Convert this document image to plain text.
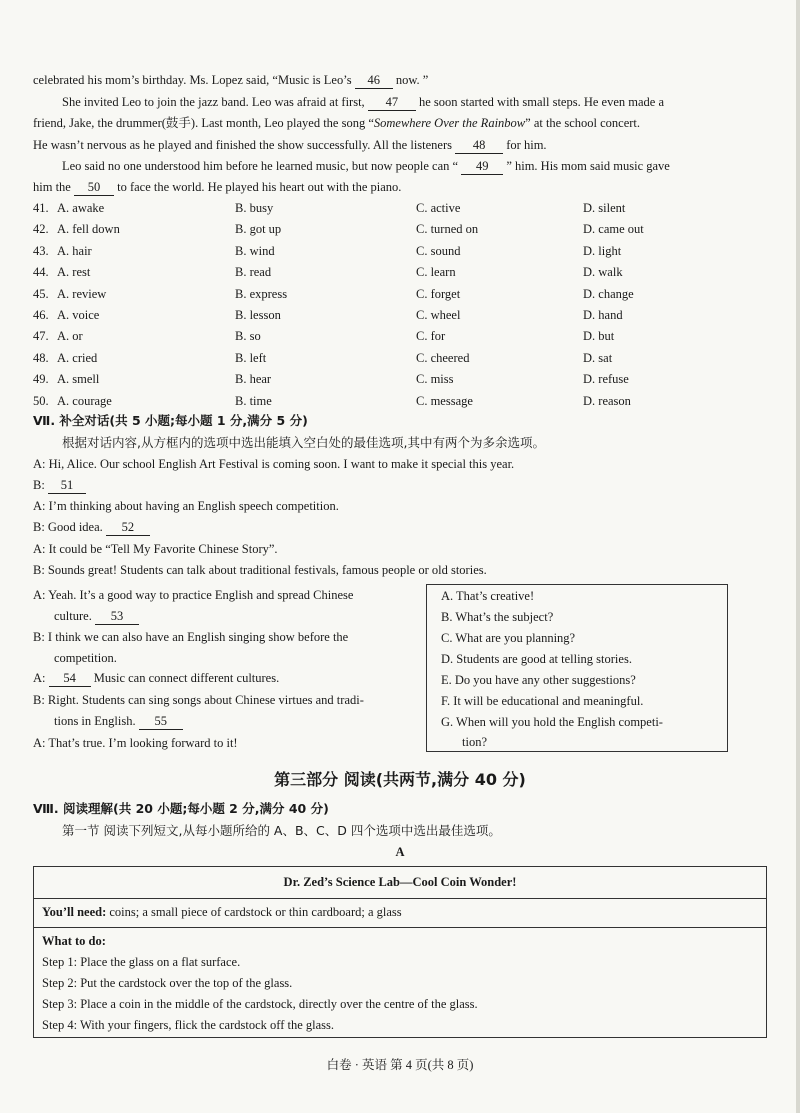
celebrated his mom’s birthday. Ms. Lopez said, “Music is Leo’s 46 now. ”
She invited Leo to join the jazz band. Leo was afraid at first, 47 he soon started with small steps. He even made a
friend, Jake, the drummer(鼓手). Last month, Leo played the song “Somewhere Over the Rainbow” at the school concert.
He wasn’t nervous as he played and finished the show successfully. All the listeners 48 for him.
Leo said no one understood him before he learned music, but now people can “ 49 ” him. His mom said music gave
him the 50 to face the world. He played his heart out with the piano.
41. A. awake	B. busy	C. active	D. silent
42. A. fell down	B. got up	C. turned on	D. came out
43. A. hair	B. wind	C. sound	D. light
44. A. rest	B. read	C. learn	D. walk
45. A. review	B. express	C. forget	D. change
46. A. voice	B. lesson	C. wheel	D. hand
47. A. or	B. so	C. for	D. but
48. A. cried	B. left	C. cheered	D. sat
49. A. smell	B. hear	C. miss	D. refuse
50. A. courage	B. time	C. message	D. reason
Ⅶ. 补全对话(共 5 小题;每小题 1 分,满分 5 分)
根据对话内容,从方框内的选项中选出能填入空白处的最佳选项,其中有两个为多余选项。
A: Hi, Alice. Our school English Art Festival is coming soon. I want to make it special this year.
B: 51
A: I’m thinking about having an English speech competition.
B: Good idea. 52
A: It could be “Tell My Favorite Chinese Story”.
B: Sounds great! Students can talk about traditional festivals, famous people or old stories.
A: Yeah. It’s a good way to practice English and spread Chinese
culture. 53
B: I think we can also have an English singing show before the
competition.
A: 54 Music can connect different cultures.
B: Right. Students can sing songs about Chinese virtues and tradi-
tions in English. 55
A: That’s true. I’m looking forward to it!
A. That’s creative!
B. What’s the subject?
C. What are you planning?
D. Students are good at telling stories.
E. Do you have any other suggestions?
F. It will be educational and meaningful.
G. When will you hold the English competi-
tion?
第三部分 阅读(共两节,满分 40 分)
Ⅷ. 阅读理解(共 20 小题;每小题 2 分,满分 40 分)
第一节 阅读下列短文,从每小题所给的 A、B、C、D 四个选项中选出最佳选项。
A
Dr. Zed’s Science Lab—Cool Coin Wonder!
You’ll need: coins; a small piece of cardstock or thin cardboard; a glass
What to do:
Step 1: Place the glass on a flat surface.
Step 2: Put the cardstock over the top of the glass.
Step 3: Place a coin in the middle of the cardstock, directly over the centre of the glass.
Step 4: With your fingers, flick the cardstock off the glass.
白卷 · 英语 第 4 页(共 8 页)
